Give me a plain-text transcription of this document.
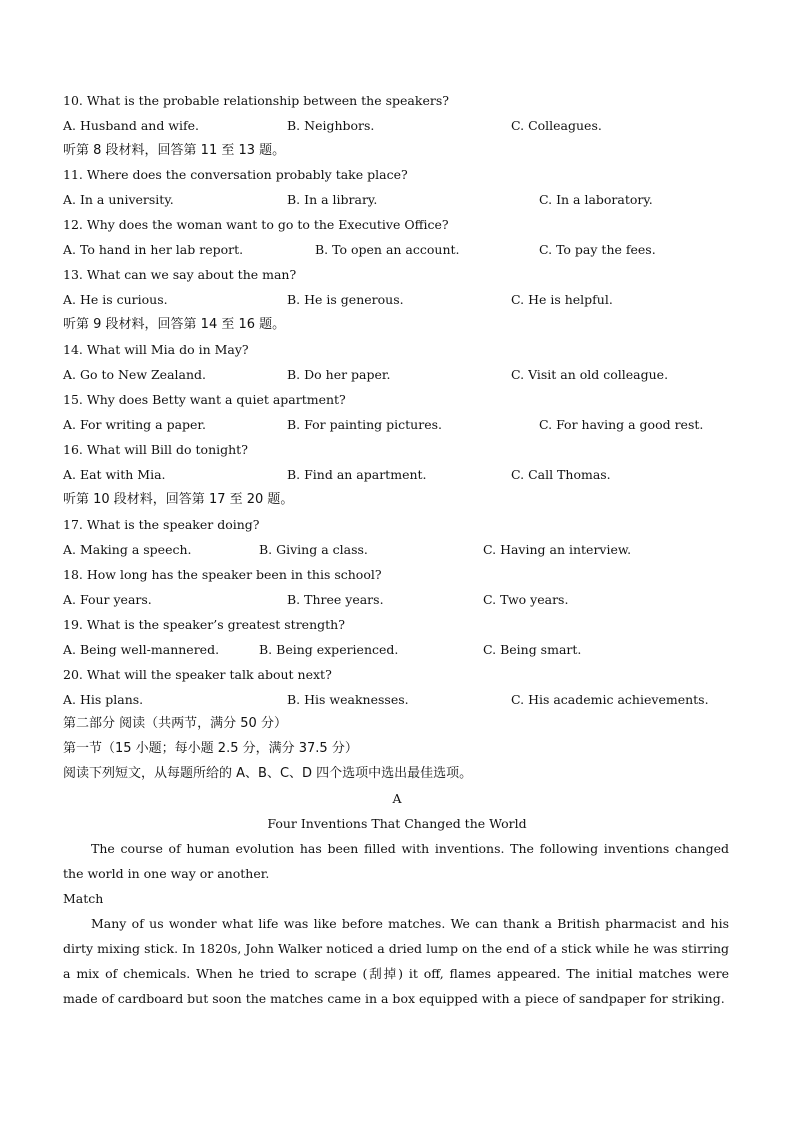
10. What is the probable relationship between the speakers?
A. Husband and wife.	B. Neighbors.	C. Colleagues.
听第 8 段材料，回答第 11 至 13 题。
11. Where does the conversation probably take place?
A. In a university.	B. In a library.	C. In a laboratory.
12. Why does the woman want to go to the Executive Office?
A. To hand in her lab report.	B. To open an account.	C. To pay the fees.
13. What can we say about the man?
A. He is curious.	B. He is generous.	C. He is helpful.
听第 9 段材料，回答第 14 至 16 题。
14. What will Mia do in May?
A. Go to New Zealand.	B. Do her paper.	C. Visit an old colleague.
15. Why does Betty want a quiet apartment?
A. For writing a paper.	B. For painting pictures.	C. For having a good rest.
16. What will Bill do tonight?
A. Eat with Mia.	B. Find an apartment.	C. Call Thomas.
听第 10 段材料，回答第 17 至 20 题。
17. What is the speaker doing?
A. Making a speech.	B. Giving a class.	C. Having an interview.
18. How long has the speaker been in this school?
A. Four years.	B. Three years.	C. Two years.
19. What is the speaker’s greatest strength?
A. Being well-mannered.	B. Being experienced.	C. Being smart.
20. What will the speaker talk about next?
A. His plans.	B. His weaknesses.	C. His academic achievements.
第二部分 阅读（共两节，满分 50 分）
第一节（15 小题；每小题 2.5 分，满分 37.5 分）
阅读下列短文，从每题所给的 A、B、C、D 四个选项中选出最佳选项。
A
Four Inventions That Changed the World
The course of human evolution has been filled with inventions. The following inventions changed the world in one way or another.
Match
Many of us wonder what life was like before matches. We can thank a British pharmacist and his dirty mixing stick. In 1820s, John Walker noticed a dried lump on the end of a stick while he was stirring a mix of chemicals. When he tried to scrape (刮掉) it off, flames appeared. The initial matches were made of cardboard but soon the matches came in a box equipped with a piece of sandpaper for striking.
